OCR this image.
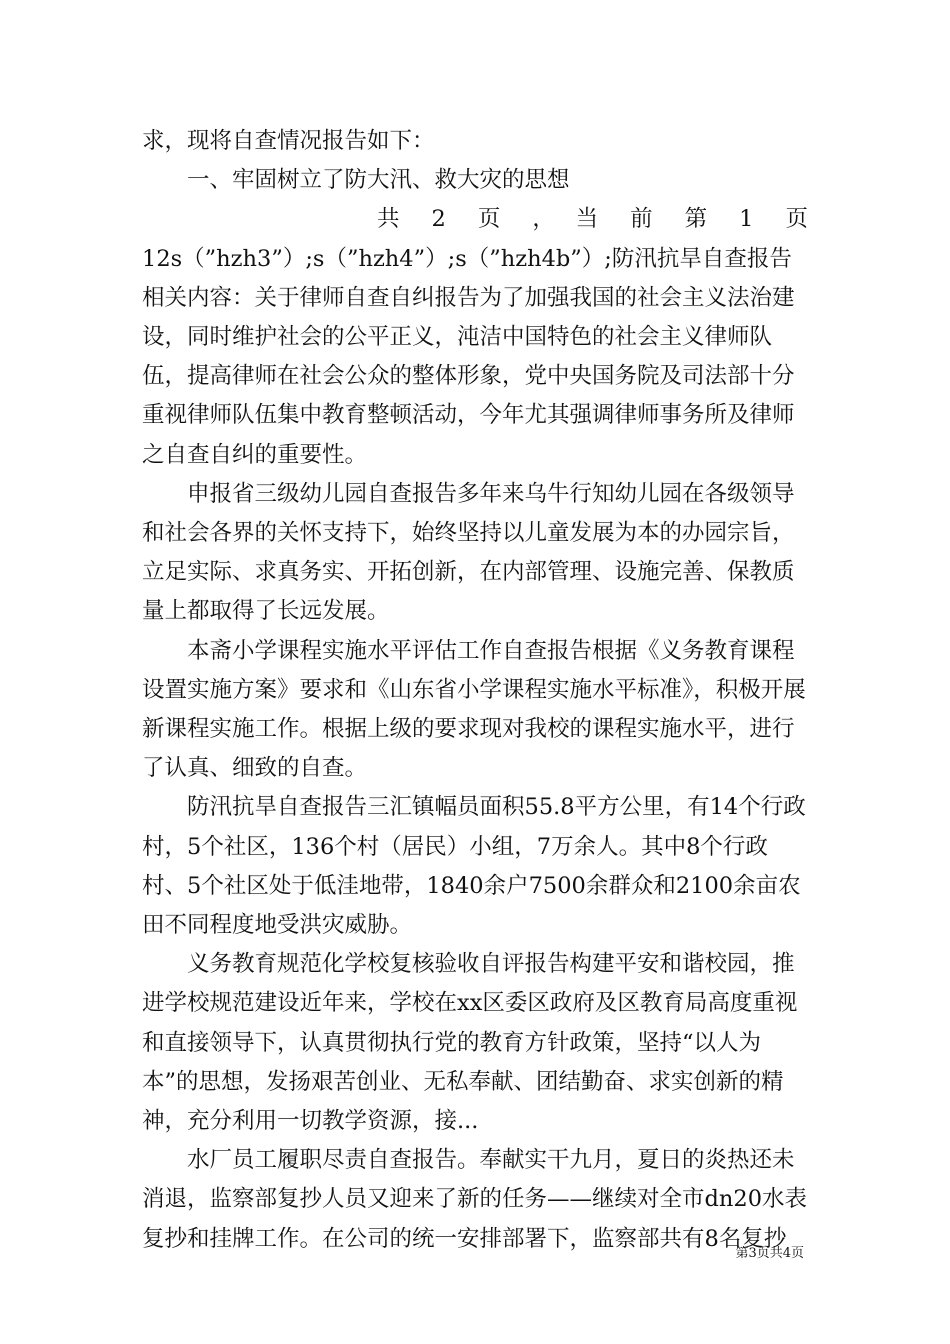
求，现将自查情况报告如下：

一、牢固树立了防大汛、救大灾的思想

共　2　页　，　当　前　第　1　页

12s（”hzh3”）;s（”hzh4”）;s（”hzh4b”）;防汛抗旱自查报告相关内容：关于律师自查自纠报告为了加强我国的社会主义法治建设，同时维护社会的公平正义，沌洁中国特色的社会主义律师队伍，提高律师在社会公众的整体形象，党中央国务院及司法部十分重视律师队伍集中教育整顿活动，今年尤其强调律师事务所及律师之自查自纠的重要性。

申报省三级幼儿园自查报告多年来乌牛行知幼儿园在各级领导和社会各界的关怀支持下，始终坚持以儿童发展为本的办园宗旨，立足实际、求真务实、开拓创新，在内部管理、设施完善、保教质量上都取得了长远发展。

本斋小学课程实施水平评估工作自查报告根据《义务教育课程设置实施方案》要求和《山东省小学课程实施水平标准》，积极开展新课程实施工作。根据上级的要求现对我校的课程实施水平，进行了认真、细致的自查。

防汛抗旱自查报告三汇镇幅员面积55.8平方公里，有14个行政村，5个社区，136个村（居民）小组，7万余人。其中8个行政村、5个社区处于低洼地带，1840余户7500余群众和2100余亩农田不同程度地受洪灾威胁。

义务教育规范化学校复核验收自评报告构建平安和谐校园，推进学校规范建设近年来，学校在xx区委区政府及区教育局高度重视和直接领导下，认真贯彻执行党的教育方针政策，坚持“以人为本”的思想，发扬艰苦创业、无私奉献、团结勤奋、求实创新的精神，充分利用一切教学资源，接...

水厂员工履职尽责自查报告。奉献实干九月，夏日的炎热还未消退，监察部复抄人员又迎来了新的任务——继续对全市dn20水表复抄和挂牌工作。在公司的统一安排部署下，监察部共有8名复抄

第3页共4页
